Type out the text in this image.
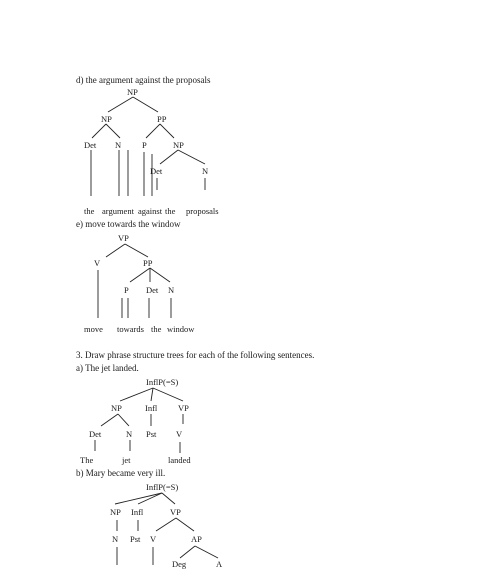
d) the argument against the proposals
NP
NP	PP
Det N P	NP
Det	N
the argument against the proposals
e) move towards the window
VP
V	PP
P Det N
move towards the window
3. Draw phrase structure trees for each of the following sentences.
a) The jet landed.
InflP(=S)
NP	Infl VP
Det	N Pst V
The	jet	landed
b) Mary became very ill.
InflP(=S)
NP Infl	VP
N Pst V	AP
Deg	A
